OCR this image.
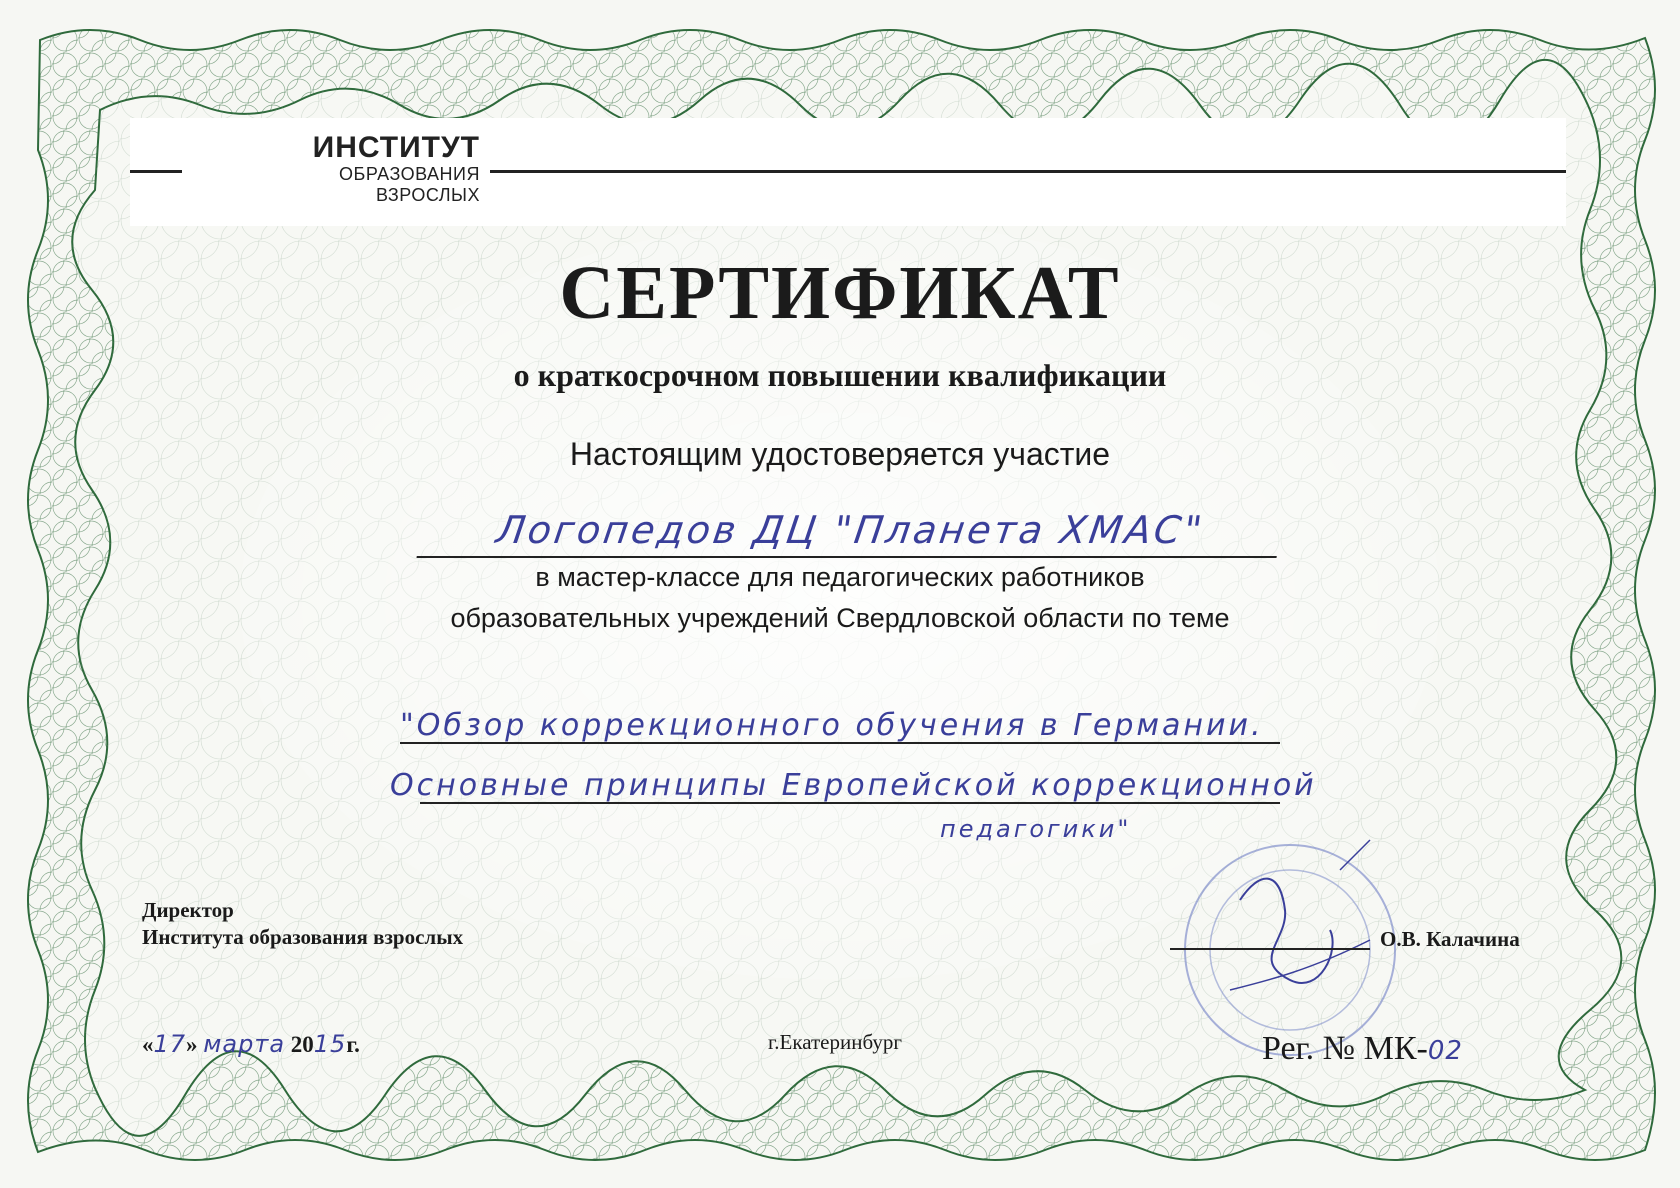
ИНСТИТУТ
ОБРАЗОВАНИЯ
ВЗРОСЛЫХ
СЕРТИФИКАТ
о краткосрочном повышении квалификации
Настоящим удостоверяется участие
Логопедов ДЦ "Планета ХМАС"
в мастер-классе для педагогических работников
образовательных учреждений Свердловской области по теме
"Обзор коррекционного обучения в Германии.
Основные принципы Европейской коррекционной
педагогики"
Директор
Института образования взрослых	О.В. Калачина
«17» марта 2015г.	г.Екатеринбург	Рег. № МК-02
